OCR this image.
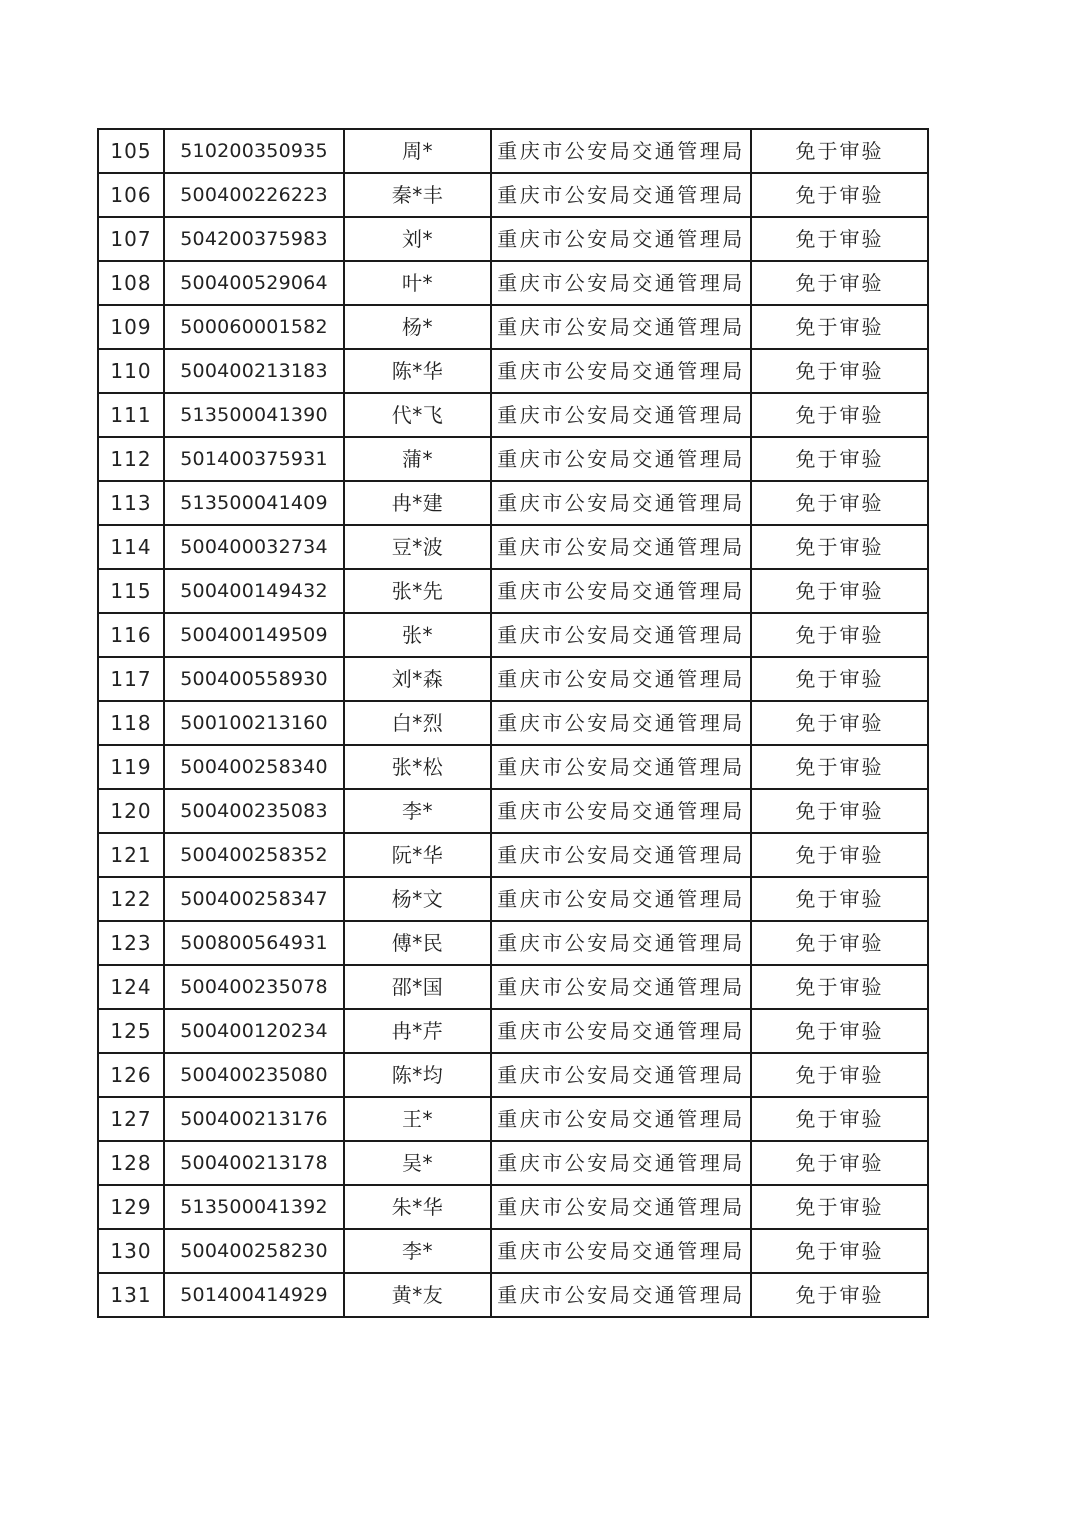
105	510200350935	周*	重庆市公安局交通管理局	免于审验
106	500400226223	秦*丰	重庆市公安局交通管理局	免于审验
107	504200375983	刘*	重庆市公安局交通管理局	免于审验
108	500400529064	叶*	重庆市公安局交通管理局	免于审验
109	500060001582	杨*	重庆市公安局交通管理局	免于审验
110	500400213183	陈*华	重庆市公安局交通管理局	免于审验
111	513500041390	代*飞	重庆市公安局交通管理局	免于审验
112	501400375931	蒲*	重庆市公安局交通管理局	免于审验
113	513500041409	冉*建	重庆市公安局交通管理局	免于审验
114	500400032734	豆*波	重庆市公安局交通管理局	免于审验
115	500400149432	张*先	重庆市公安局交通管理局	免于审验
116	500400149509	张*	重庆市公安局交通管理局	免于审验
117	500400558930	刘*森	重庆市公安局交通管理局	免于审验
118	500100213160	白*烈	重庆市公安局交通管理局	免于审验
119	500400258340	张*松	重庆市公安局交通管理局	免于审验
120	500400235083	李*	重庆市公安局交通管理局	免于审验
121	500400258352	阮*华	重庆市公安局交通管理局	免于审验
122	500400258347	杨*文	重庆市公安局交通管理局	免于审验
123	500800564931	傅*民	重庆市公安局交通管理局	免于审验
124	500400235078	邵*国	重庆市公安局交通管理局	免于审验
125	500400120234	冉*芹	重庆市公安局交通管理局	免于审验
126	500400235080	陈*均	重庆市公安局交通管理局	免于审验
127	500400213176	王*	重庆市公安局交通管理局	免于审验
128	500400213178	吴*	重庆市公安局交通管理局	免于审验
129	513500041392	朱*华	重庆市公安局交通管理局	免于审验
130	500400258230	李*	重庆市公安局交通管理局	免于审验
131	501400414929	黄*友	重庆市公安局交通管理局	免于审验
